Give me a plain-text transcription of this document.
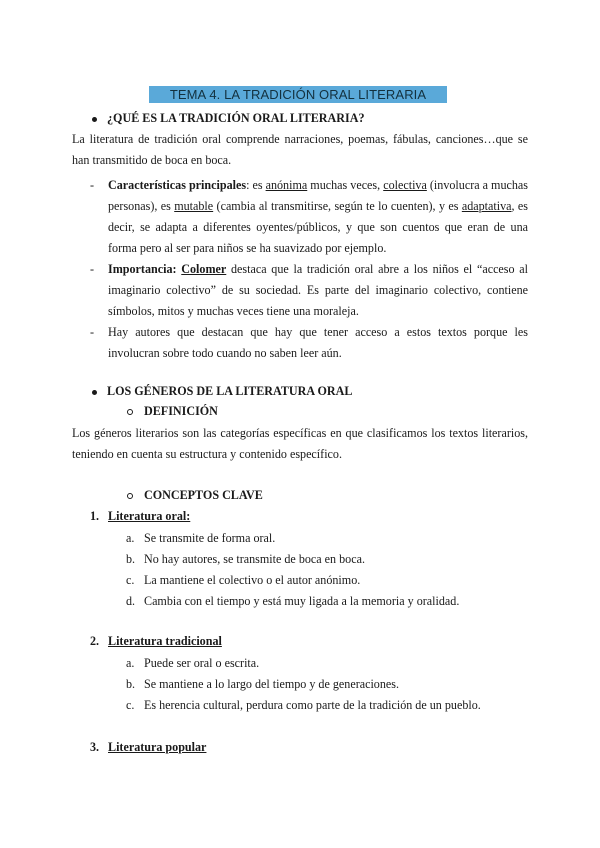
TEMA 4. LA TRADICIÓN ORAL LITERARIA
¿QUÉ ES LA TRADICIÓN ORAL LITERARIA?
La literatura de tradición oral comprende narraciones, poemas, fábulas, canciones…que se
han transmitido de boca en boca.
- Características principales: es anónima muchas veces, colectiva (involucra a muchas
personas), es mutable (cambia al transmitirse, según te lo cuenten), y es adaptativa, es
decir, se adapta a diferentes oyentes/públicos, y que son cuentos que eran de una
forma pero al ser para niños se ha suavizado por ejemplo.
- Importancia: Colomer destaca que la tradición oral abre a los niños el “acceso al
imaginario colectivo” de su sociedad. Es parte del imaginario colectivo, contiene
símbolos, mitos y muchas veces tiene una moraleja.
- Hay autores que destacan que hay que tener acceso a estos textos porque les
involucran sobre todo cuando no saben leer aún.
LOS GÉNEROS DE LA LITERATURA ORAL
DEFINICIÓN
Los géneros literarios son las categorías específicas en que clasificamos los textos literarios,
teniendo en cuenta su estructura y contenido específico.
CONCEPTOS CLAVE
1. Literatura oral:
a. Se transmite de forma oral.
b. No hay autores, se transmite de boca en boca.
c. La mantiene el colectivo o el autor anónimo.
d. Cambia con el tiempo y está muy ligada a la memoria y oralidad.
2. Literatura tradicional
a. Puede ser oral o escrita.
b. Se mantiene a lo largo del tiempo y de generaciones.
c. Es herencia cultural, perdura como parte de la tradición de un pueblo.
3. Literatura popular
